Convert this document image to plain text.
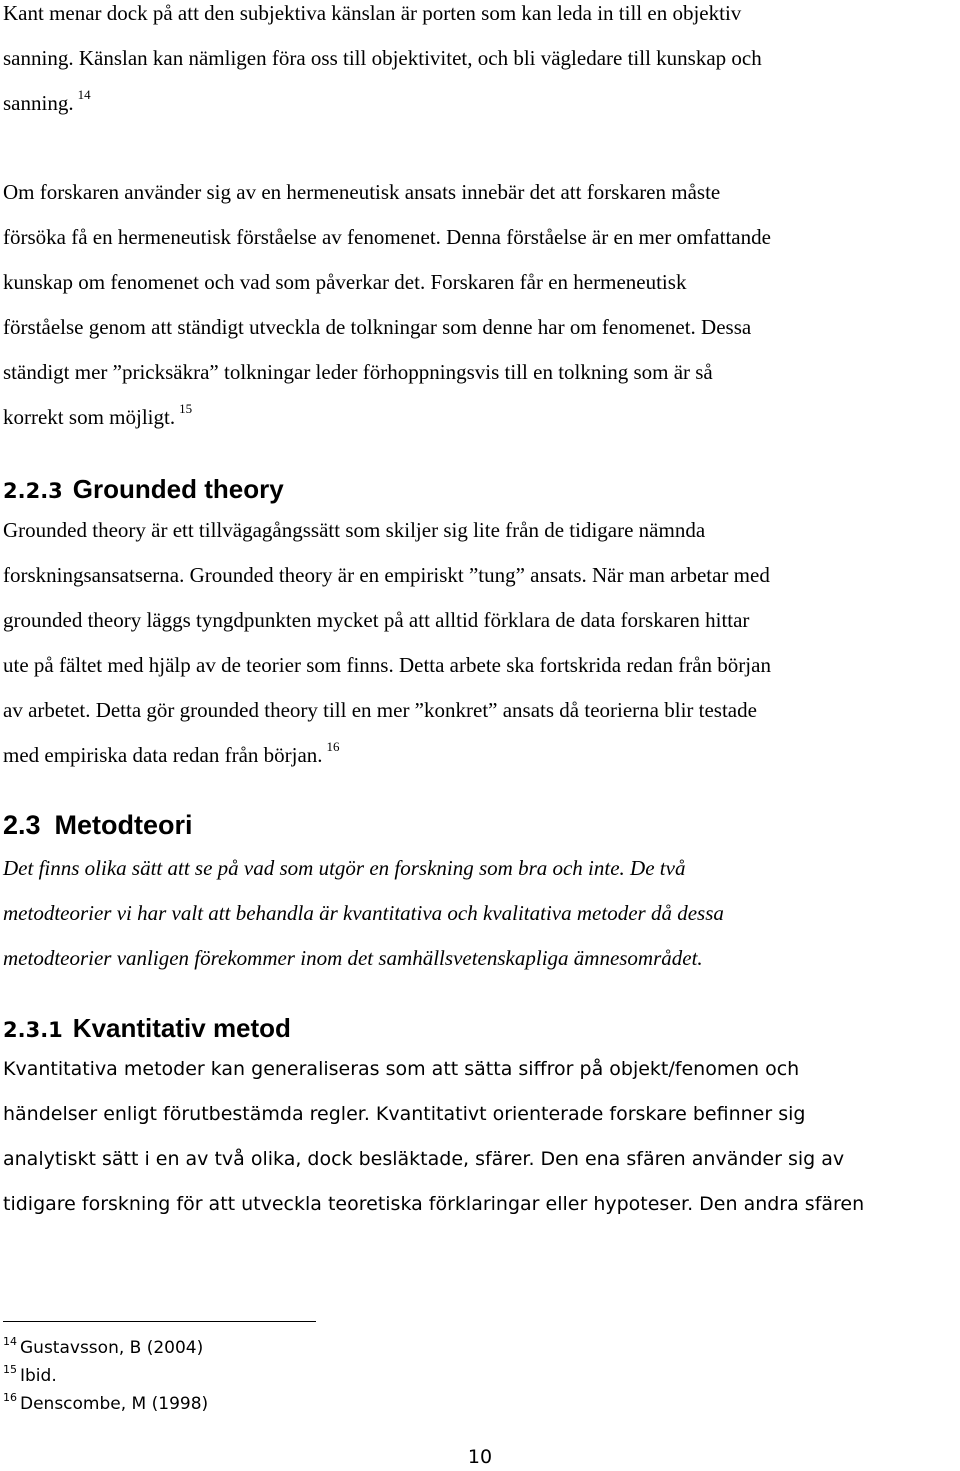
Kant menar dock på att den subjektiva känslan är porten som kan leda in till en objektiv
sanning. Känslan kan nämligen föra oss till objektivitet, och bli vägledare till kunskap och
sanning. $^{14}$

Om forskaren använder sig av en hermeneutisk ansats innebär det att forskaren måste
försöka få en hermeneutisk förståelse av fenomenet. Denna förståelse är en mer omfattande
kunskap om fenomenet och vad som påverkar det. Forskaren får en hermeneutisk
förståelse genom att ständigt utveckla de tolkningar som denne har om fenomenet. Dessa
ständigt mer ”pricksäkra” tolkningar leder förhoppningsvis till en tolkning som är så
korrekt som möjligt. $^{15}$

2.2.3 Grounded theory

Grounded theory är ett tillvägagångssätt som skiljer sig lite från de tidigare nämnda
forskningsansatserna. Grounded theory är en empiriskt ”tung” ansats. När man arbetar med
grounded theory läggs tyngdpunkten mycket på att alltid förklara de data forskaren hittar
ute på fältet med hjälp av de teorier som finns. Detta arbete ska fortskrida redan från början
av arbetet. Detta gör grounded theory till en mer ”konkret” ansats då teorierna blir testade
med empiriska data redan från början. $^{16}$

2.3 Metodteori

Det finns olika sätt att se på vad som utgör en forskning som bra och inte. De två
metodteorier vi har valt att behandla är kvantitativa och kvalitativa metoder då dessa
metodteorier vanligen förekommer inom det samhällsvetenskapliga ämnesområdet.

2.3.1 Kvantitativ metod

Kvantitativa metoder kan generaliseras som att sätta siffror på objekt/fenomen och
händelser enligt förutbestämda regler. Kvantitativt orienterade forskare befinner sig
analytiskt sätt i en av två olika, dock besläktade, sfärer. Den ena sfären använder sig av
tidigare forskning för att utveckla teoretiska förklaringar eller hypoteser. Den andra sfären

$^{14}$ Gustavsson, B (2004)
$^{15}$ Ibid.
$^{16}$ Denscombe, M (1998)
10
